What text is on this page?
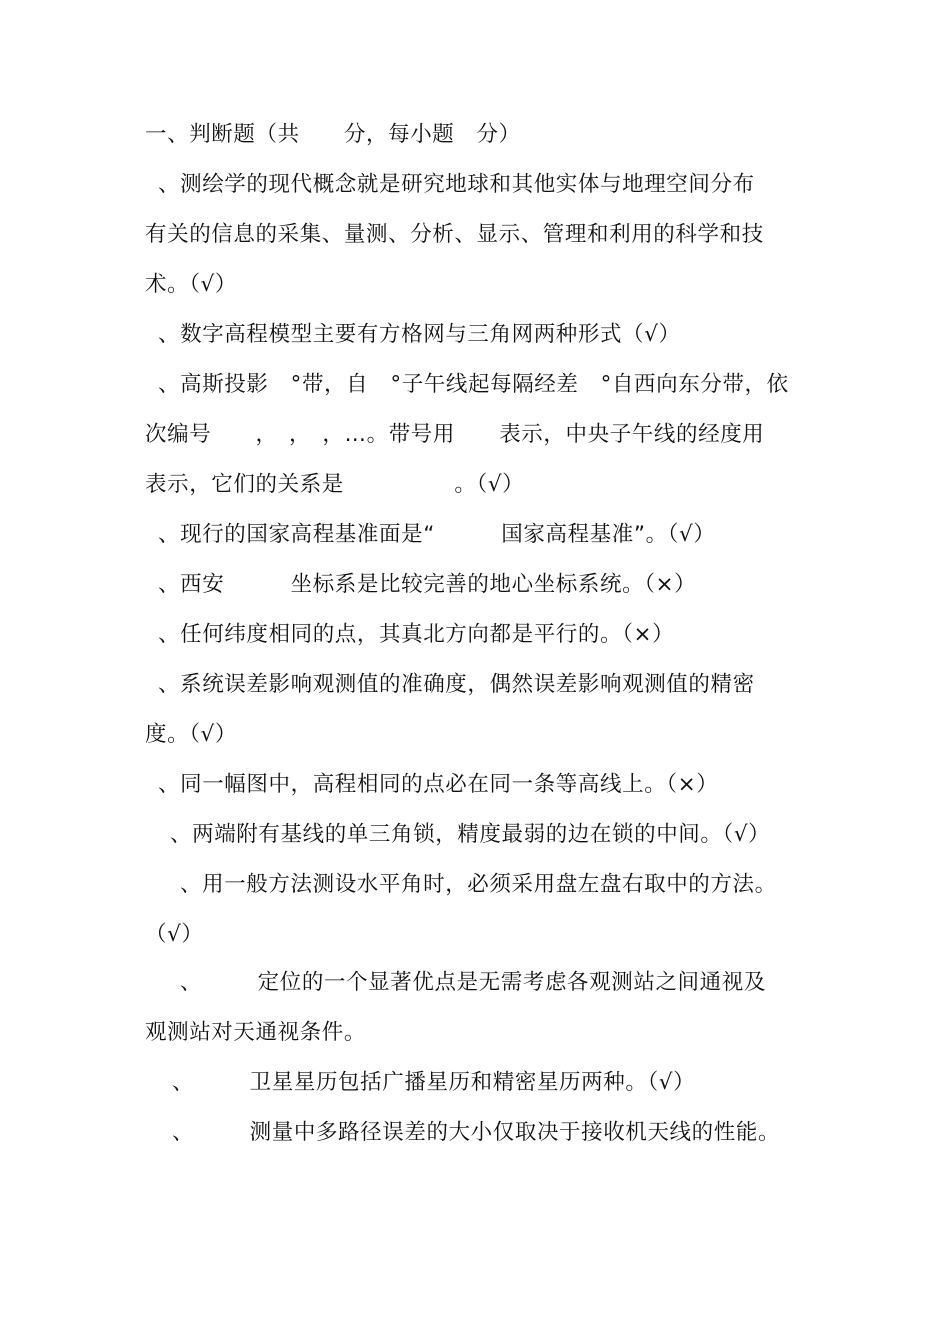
一、判断题（共　　分，每小题　分）
、测绘学的现代概念就是研究地球和其他实体与地理空间分布
有关的信息的采集、量测、分析、显示、管理和利用的科学和技
术。（√）
、数字高程模型主要有方格网与三角网两种形式（√）
、高斯投影　°带，自　°子午线起每隔经差　°自西向东分带，依
次编号　　，　，　，…。带号用　　表示，中央子午线的经度用
表示，它们的关系是　　　　　。（√）
、现行的国家高程基准面是“　　　国家高程基准”。（√）
、西安　　　坐标系是比较完善的地心坐标系统。（×）
、任何纬度相同的点，其真北方向都是平行的。（×）
、系统误差影响观测值的准确度，偶然误差影响观测值的精密
度。（√）
、同一幅图中，高程相同的点必在同一条等高线上。（×）
、两端附有基线的单三角锁，精度最弱的边在锁的中间。（√）
、用一般方法测设水平角时，必须采用盘左盘右取中的方法。
（√）
、　　　定位的一个显著优点是无需考虑各观测站之间通视及
观测站对天通视条件。
、　　　卫星星历包括广播星历和精密星历两种。（√）
、　　　测量中多路径误差的大小仅取决于接收机天线的性能。
